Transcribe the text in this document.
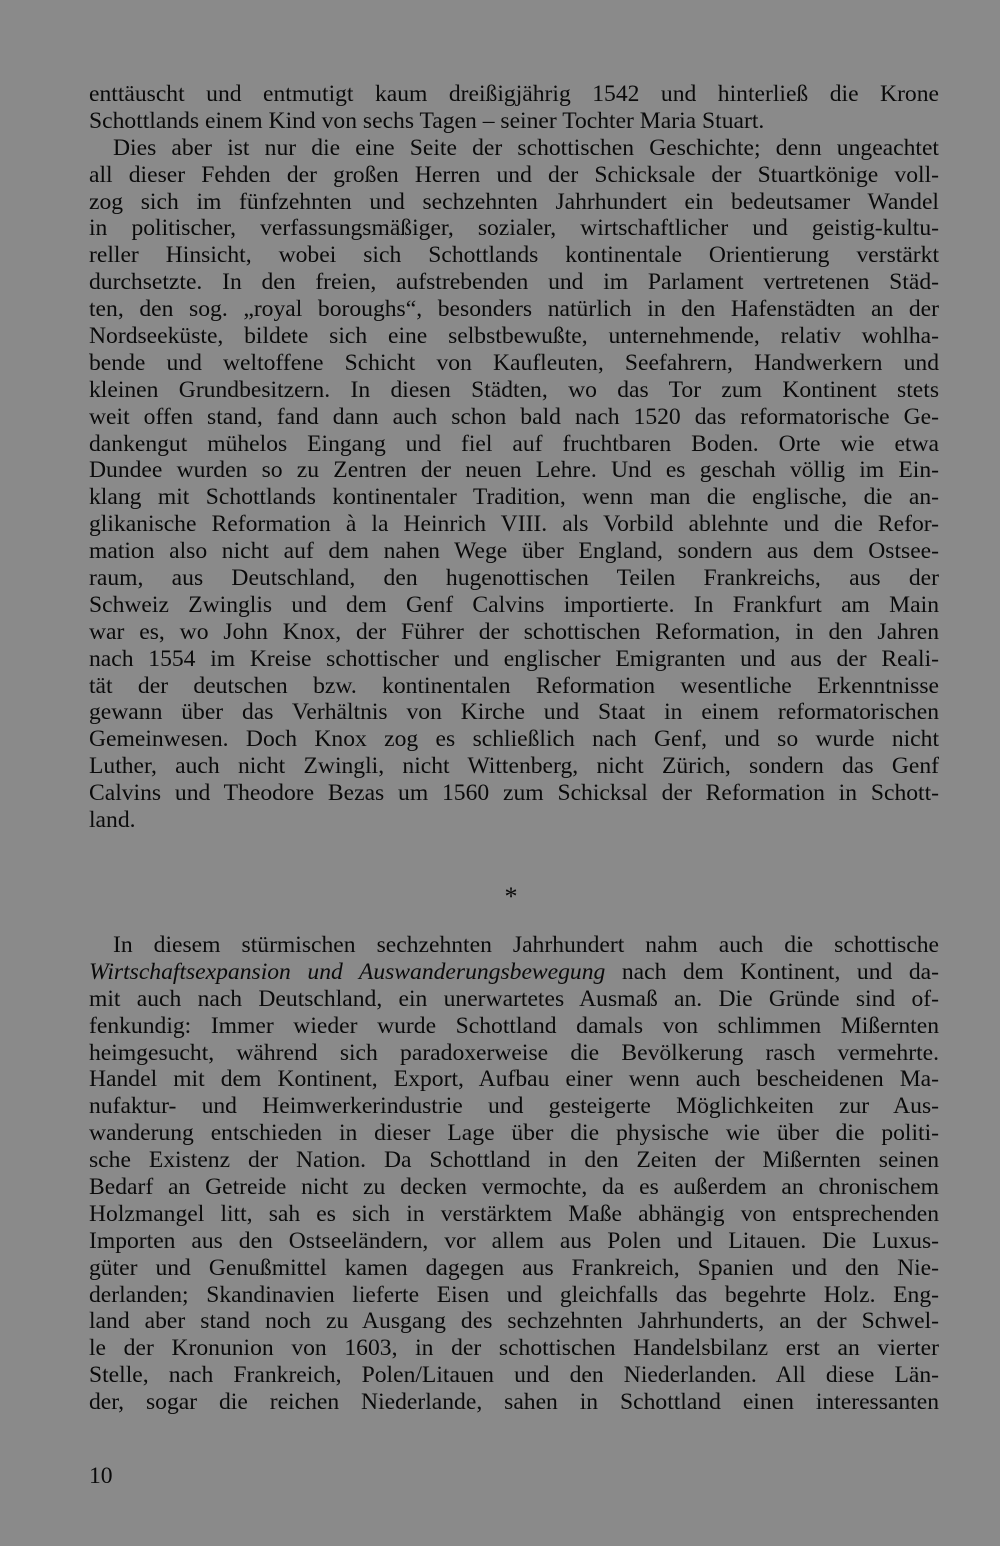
enttäuscht und entmutigt kaum dreißigjährig 1542 und hinterließ die Krone
Schottlands einem Kind von sechs Tagen – seiner Tochter Maria Stuart.
Dies aber ist nur die eine Seite der schottischen Geschichte; denn ungeachtet
all dieser Fehden der großen Herren und der Schicksale der Stuartkönige voll-
zog sich im fünfzehnten und sechzehnten Jahrhundert ein bedeutsamer Wandel
in politischer, verfassungsmäßiger, sozialer, wirtschaftlicher und geistig-kultu-
reller Hinsicht, wobei sich Schottlands kontinentale Orientierung verstärkt
durchsetzte. In den freien, aufstrebenden und im Parlament vertretenen Städ-
ten, den sog. „royal boroughs“, besonders natürlich in den Hafenstädten an der
Nordseeküste, bildete sich eine selbstbewußte, unternehmende, relativ wohlha-
bende und weltoffene Schicht von Kaufleuten, Seefahrern, Handwerkern und
kleinen Grundbesitzern. In diesen Städten, wo das Tor zum Kontinent stets
weit offen stand, fand dann auch schon bald nach 1520 das reformatorische Ge-
dankengut mühelos Eingang und fiel auf fruchtbaren Boden. Orte wie etwa
Dundee wurden so zu Zentren der neuen Lehre. Und es geschah völlig im Ein-
klang mit Schottlands kontinentaler Tradition, wenn man die englische, die an-
glikanische Reformation à la Heinrich VIII. als Vorbild ablehnte und die Refor-
mation also nicht auf dem nahen Wege über England, sondern aus dem Ostsee-
raum, aus Deutschland, den hugenottischen Teilen Frankreichs, aus der
Schweiz Zwinglis und dem Genf Calvins importierte. In Frankfurt am Main
war es, wo John Knox, der Führer der schottischen Reformation, in den Jahren
nach 1554 im Kreise schottischer und englischer Emigranten und aus der Reali-
tät der deutschen bzw. kontinentalen Reformation wesentliche Erkenntnisse
gewann über das Verhältnis von Kirche und Staat in einem reformatorischen
Gemeinwesen. Doch Knox zog es schließlich nach Genf, und so wurde nicht
Luther, auch nicht Zwingli, nicht Wittenberg, nicht Zürich, sondern das Genf
Calvins und Theodore Bezas um 1560 zum Schicksal der Reformation in Schott-
land.
*
In diesem stürmischen sechzehnten Jahrhundert nahm auch die schottische
Wirtschaftsexpansion und Auswanderungsbewegung nach dem Kontinent, und da-
mit auch nach Deutschland, ein unerwartetes Ausmaß an. Die Gründe sind of-
fenkundig: Immer wieder wurde Schottland damals von schlimmen Mißernten
heimgesucht, während sich paradoxerweise die Bevölkerung rasch vermehrte.
Handel mit dem Kontinent, Export, Aufbau einer wenn auch bescheidenen Ma-
nufaktur- und Heimwerkerindustrie und gesteigerte Möglichkeiten zur Aus-
wanderung entschieden in dieser Lage über die physische wie über die politi-
sche Existenz der Nation. Da Schottland in den Zeiten der Mißernten seinen
Bedarf an Getreide nicht zu decken vermochte, da es außerdem an chronischem
Holzmangel litt, sah es sich in verstärktem Maße abhängig von entsprechenden
Importen aus den Ostseeländern, vor allem aus Polen und Litauen. Die Luxus-
güter und Genußmittel kamen dagegen aus Frankreich, Spanien und den Nie-
derlanden; Skandinavien lieferte Eisen und gleichfalls das begehrte Holz. Eng-
land aber stand noch zu Ausgang des sechzehnten Jahrhunderts, an der Schwel-
le der Kronunion von 1603, in der schottischen Handelsbilanz erst an vierter
Stelle, nach Frankreich, Polen/Litauen und den Niederlanden. All diese Län-
der, sogar die reichen Niederlande, sahen in Schottland einen interessanten
10
